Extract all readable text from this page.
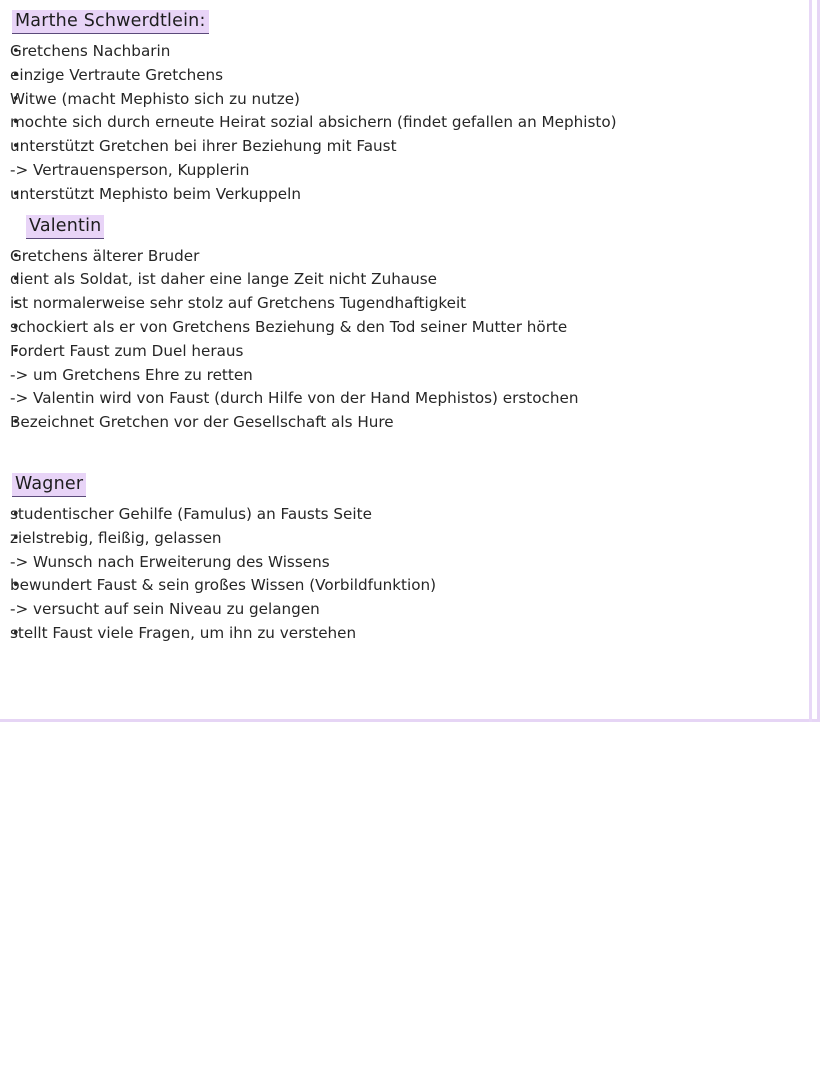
Marthe Schwerdtlein:
• Gretchens Nachbarin
• einzige Vertraute Gretchens
• Witwe (macht Mephisto sich zu nutze)
• mochte sich durch erneute Heirat sozial absichern (findet gefallen an Mephisto)
• unterstützt Gretchen bei ihrer Beziehung mit Faust
-> Vertrauensperson, Kupplerin
• unterstützt Mephisto beim Verkuppeln
Valentin
• Gretchens älterer Bruder
• dient als Soldat, ist daher eine lange Zeit nicht Zuhause
• ist normalerweise sehr stolz auf Gretchens Tugendhaftigkeit
• schockiert als er von Gretchens Beziehung & den Tod seiner Mutter hörte
• Fordert Faust zum Duel heraus
-> um Gretchens Ehre zu retten
-> Valentin wird von Faust (durch Hilfe von der Hand Mephistos) erstochen
• Bezeichnet Gretchen vor der Gesellschaft als Hure
Wagner
• studentischer Gehilfe (Famulus) an Fausts Seite
• zielstrebig, fleißig, gelassen
-> Wunsch nach Erweiterung des Wissens
• bewundert Faust & sein großes Wissen (Vorbildfunktion)
-> versucht auf sein Niveau zu gelangen
• stellt Faust viele Fragen, um ihn zu verstehen
